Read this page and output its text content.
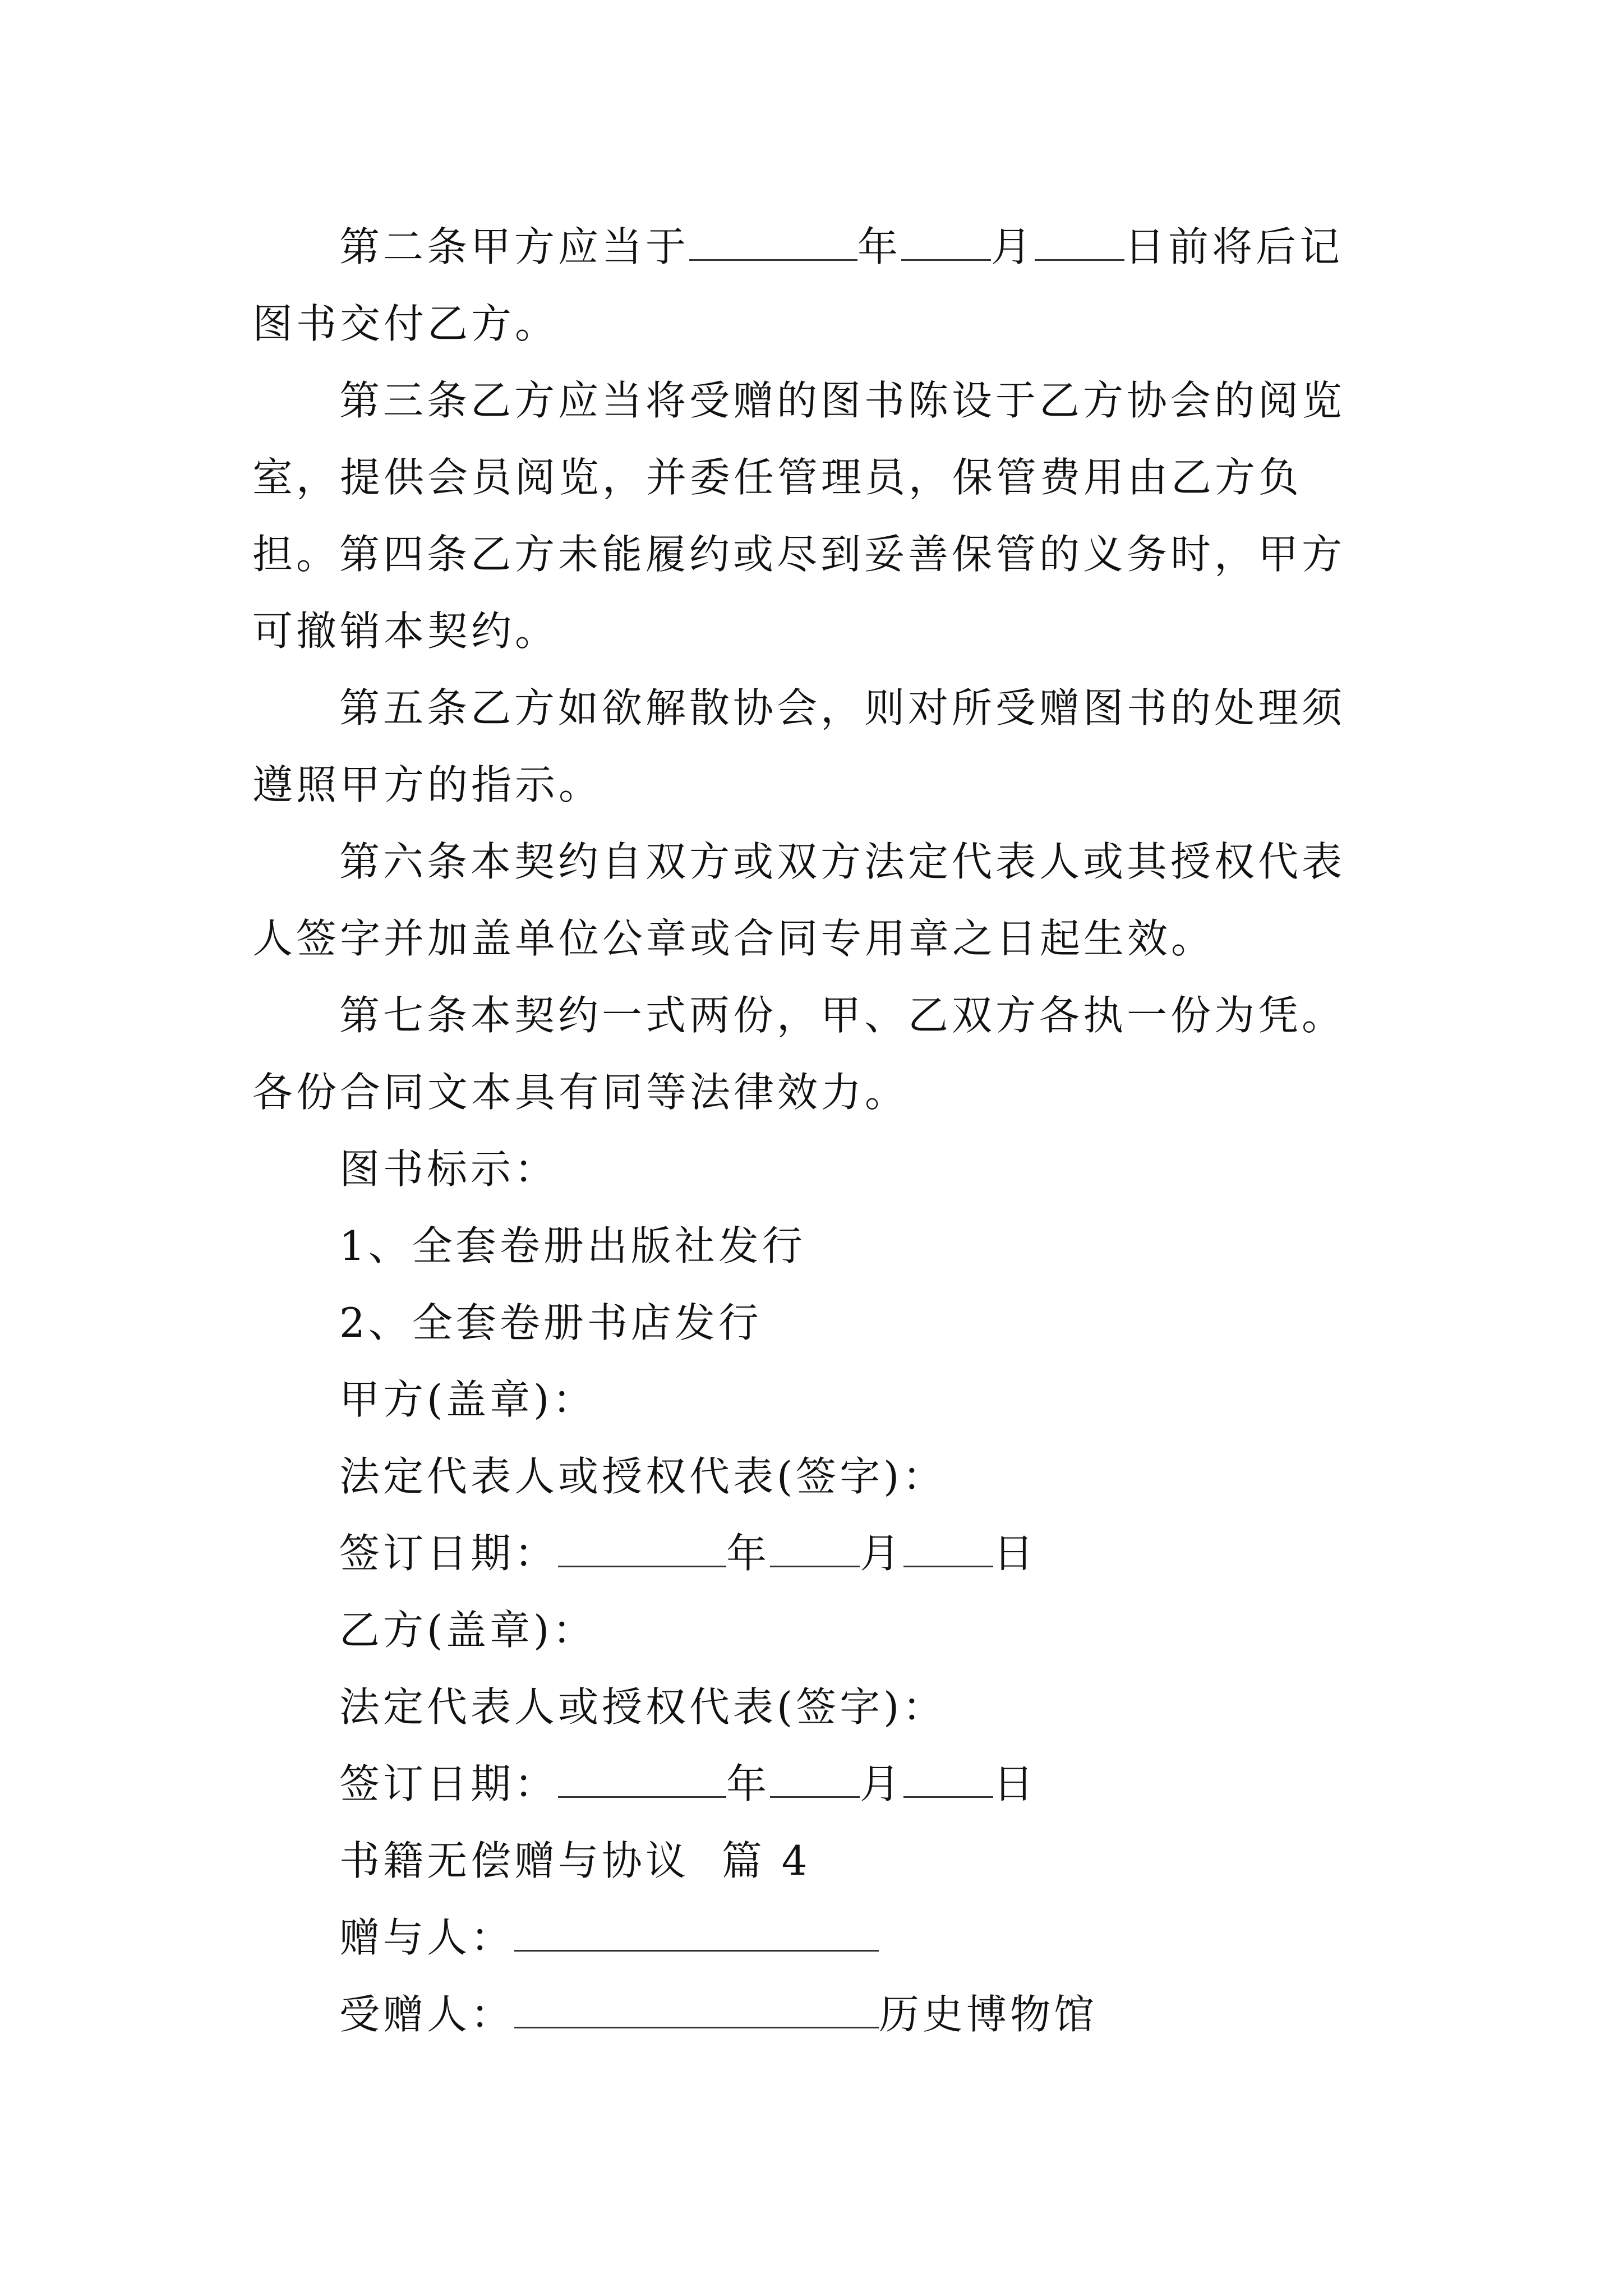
第二条甲方应当于	年 月 日前将后记图书交付乙方。

第三条乙方应当将受赠的图书陈设于乙方协会的阅览室，提供会员阅览，并委任管理员，保管费用由乙方负担。

第四条乙方未能履约或尽到妥善保管的义务时，甲方可撤销本契约。

第五条乙方如欲解散协会，则对所受赠图书的处理须遵照甲方的指示。

第六条本契约自双方或双方法定代表人或其授权代表人签字并加盖单位公章或合同专用章之日起生效。

第七条本契约一式两份，甲、乙双方各执一份为凭。各份合同文本具有同等法律效力。

图书标示：

1、全套卷册出版社发行

2、全套卷册书店发行

甲方(盖章)：

法定代表人或授权代表(签字)：

签订日期：	年 月 日

乙方(盖章)：

法定代表人或授权代表(签字)：

签订日期：	年 月 日

书籍无偿赠与协议  篇 4

赠与人：

受赠人：	历史博物馆
